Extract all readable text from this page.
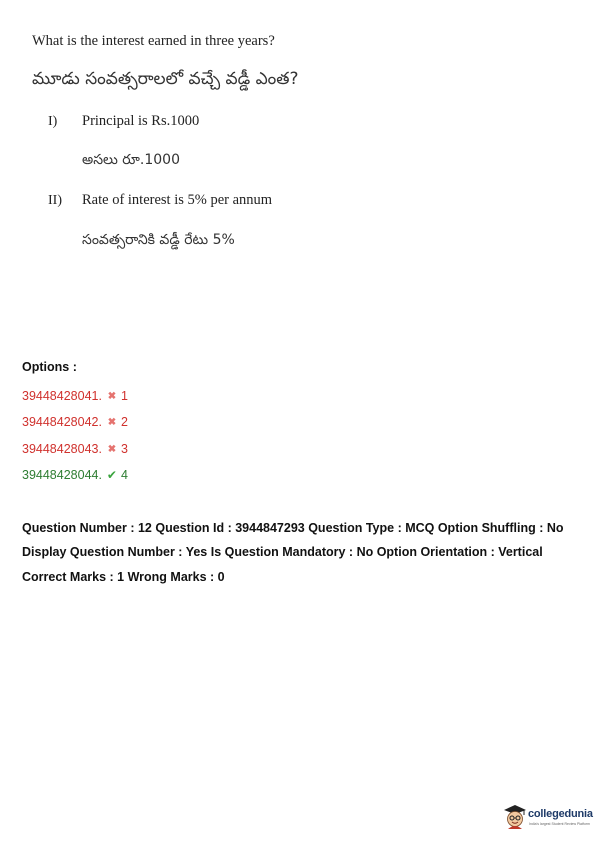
What is the interest earned in three years?
మూడు సంవత్సరాలలో వచ్చే వడ్డీ ఎంత?
I) Principal is Rs.1000
అసలు రూ.1000
II) Rate of interest is 5% per annum
సంవత్సరానికి వడ్డీ రేటు 5%
Options :
39448428041. ✖ 1
39448428042. ✖ 2
39448428043. ✖ 3
39448428044. ✔ 4
Question Number : 12 Question Id : 3944847293 Question Type : MCQ Option Shuffling : No
Display Question Number : Yes Is Question Mandatory : No Option Orientation : Vertical
Correct Marks : 1 Wrong Marks : 0
collegedunia
India's largest Student Review Platform
